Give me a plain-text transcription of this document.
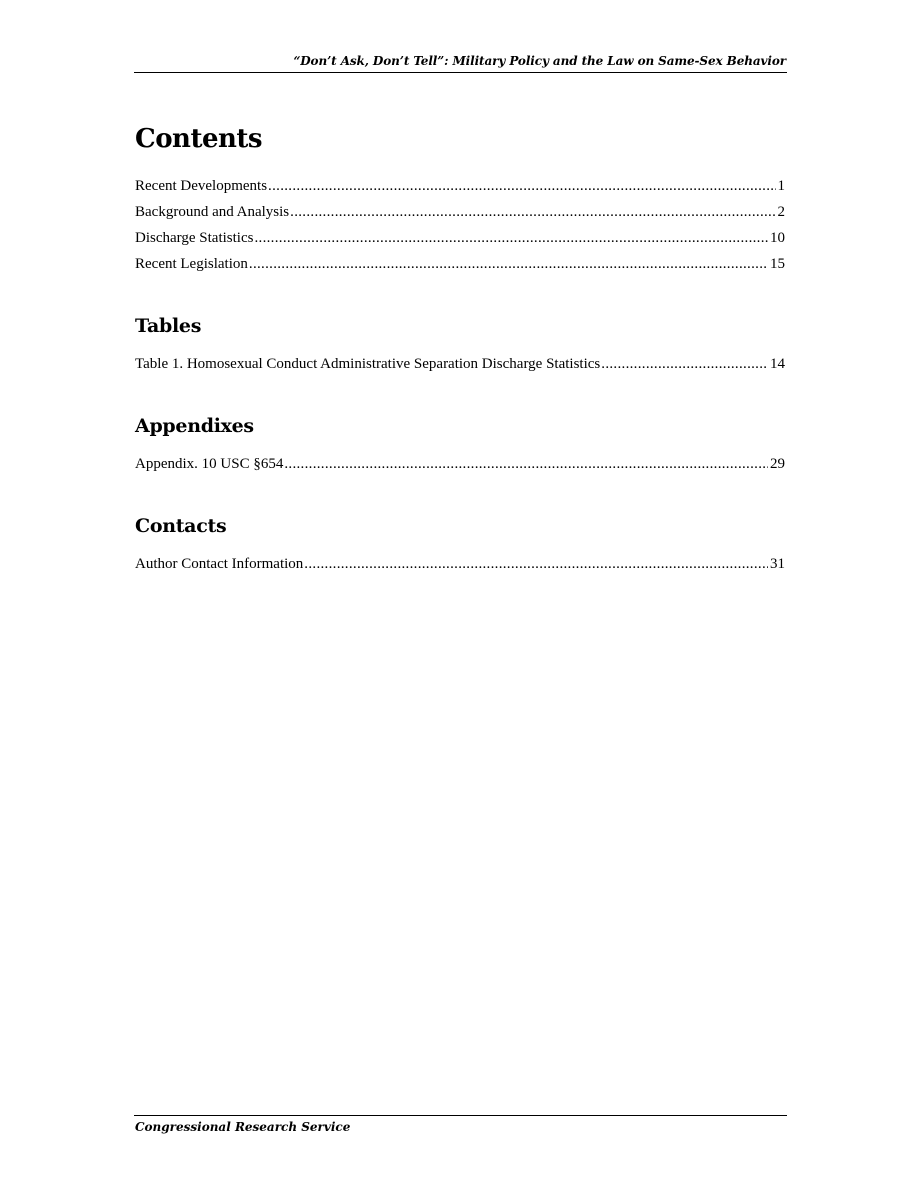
“Don’t Ask, Don’t Tell”: Military Policy and the Law on Same-Sex Behavior
Contents
Recent Developments .....	1
Background and Analysis .....	2
Discharge Statistics .....	10
Recent Legislation .....	15
Tables
Table 1. Homosexual Conduct Administrative Separation Discharge Statistics .....	14
Appendixes
Appendix. 10 USC §654 .....	29
Contacts
Author Contact Information .....	31
Congressional Research Service
